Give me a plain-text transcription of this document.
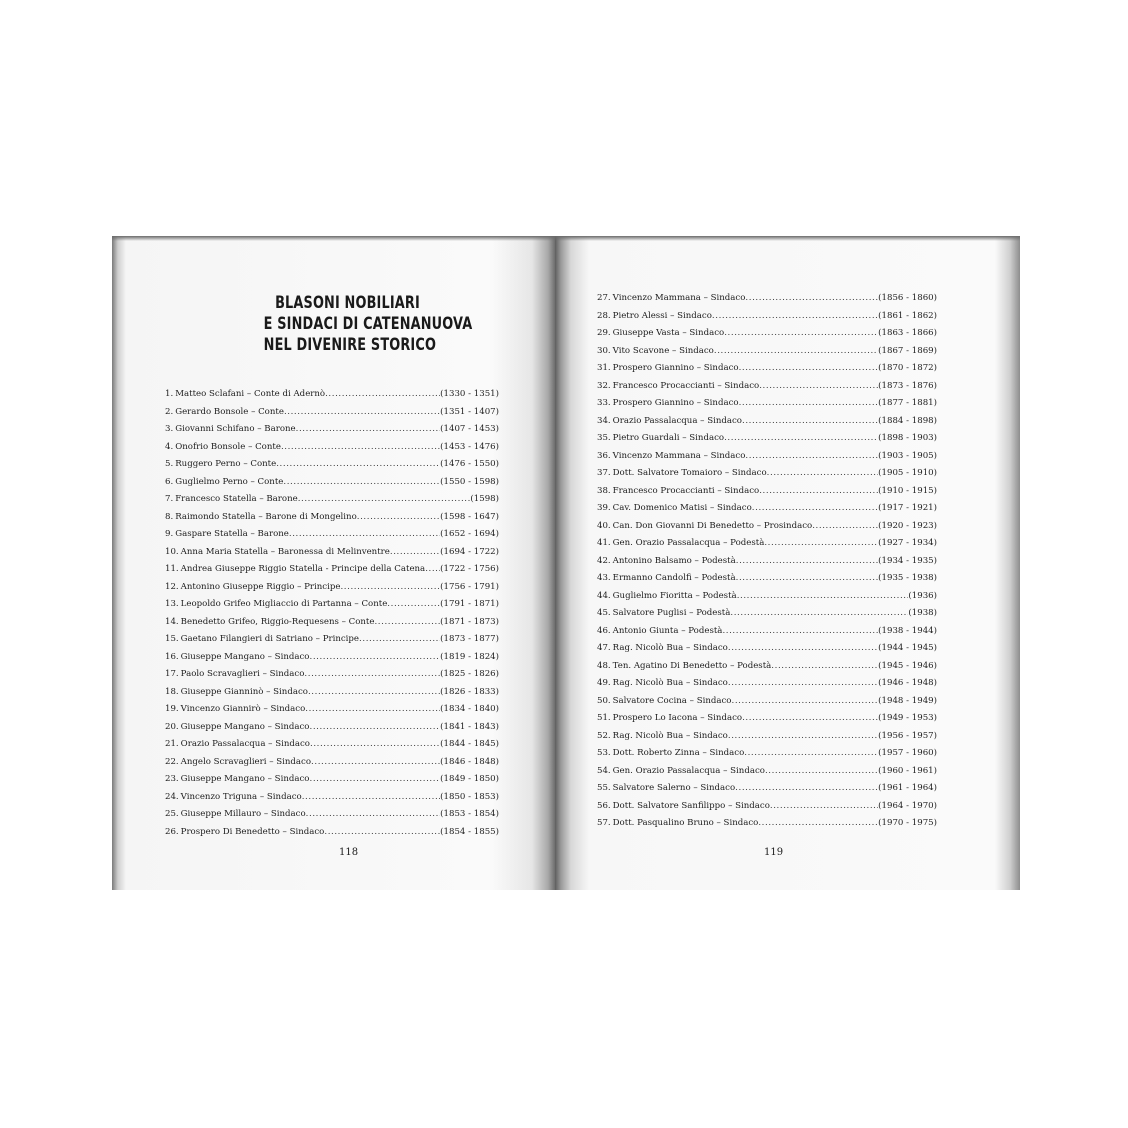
BLASONI NOBILIARI
E SINDACI DI CATENANUOVA
NEL DIVENIRE STORICO
1. Matteo Sclafani – Conte di Adernò .....	(1330 - 1351)
2. Gerardo Bonsole – Conte .....	(1351 - 1407)
3. Giovanni Schifano – Barone .....	(1407 - 1453)
4. Onofrio Bonsole – Conte .....	(1453 - 1476)
5. Ruggero Perno – Conte .....	(1476 - 1550)
6. Guglielmo Perno – Conte .....	(1550 - 1598)
7. Francesco Statella – Barone .....	(1598)
8. Raimondo Statella – Barone di Mongelino .....	(1598 - 1647)
9. Gaspare Statella – Barone .....	(1652 - 1694)
10. Anna Maria Statella – Baronessa di Melinventre .....	(1694 - 1722)
11. Andrea Giuseppe Riggio Statella - Principe della Catena ..... (1722 - 1756)
12. Antonino Giuseppe Riggio – Principe .....	(1756 - 1791)
13. Leopoldo Grifeo Migliaccio di Partanna – Conte .....	(1791 - 1871)
14. Benedetto Grifeo, Riggio-Requesens – Conte .....	(1871 - 1873)
15. Gaetano Filangieri di Satriano – Principe .....	(1873 - 1877)
16. Giuseppe Mangano – Sindaco .....	(1819 - 1824)
17. Paolo Scravaglieri – Sindaco .....	(1825 - 1826)
18. Giuseppe Gianninò – Sindaco .....	(1826 - 1833)
19. Vincenzo Giannirò – Sindaco .....	(1834 - 1840)
20. Giuseppe Mangano – Sindaco .....	(1841 - 1843)
21. Orazio Passalacqua – Sindaco .....	(1844 - 1845)
22. Angelo Scravaglieri – Sindaco .....	(1846 - 1848)
23. Giuseppe Mangano – Sindaco .....	(1849 - 1850)
24. Vincenzo Triguna – Sindaco .....	(1850 - 1853)
25. Giuseppe Millauro – Sindaco .....	(1853 - 1854)
26. Prospero Di Benedetto – Sindaco .....	(1854 - 1855)
27. Vincenzo Mammana – Sindaco .....	(1856 - 1860)
28. Pietro Alessi – Sindaco .....	(1861 - 1862)
29. Giuseppe Vasta – Sindaco .....	(1863 - 1866)
30. Vito Scavone – Sindaco .....	(1867 - 1869)
31. Prospero Giannino – Sindaco .....	(1870 - 1872)
32. Francesco Procaccianti – Sindaco .....	(1873 - 1876)
33. Prospero Giannino – Sindaco .....	(1877 - 1881)
34. Orazio Passalacqua – Sindaco .....	(1884 - 1898)
35. Pietro Guardali – Sindaco .....	(1898 - 1903)
36. Vincenzo Mammana – Sindaco .....	(1903 - 1905)
37. Dott. Salvatore Tomaioro – Sindaco .....	(1905 - 1910)
38. Francesco Procaccianti – Sindaco .....	(1910 - 1915)
39. Cav. Domenico Matisi – Sindaco .....	(1917 - 1921)
40. Can. Don Giovanni Di Benedetto – Prosindaco .....	(1920 - 1923)
41. Gen. Orazio Passalacqua – Podestà .....	(1927 - 1934)
42. Antonino Balsamo – Podestà .....	(1934 - 1935)
43. Ermanno Candolfi – Podestà .....	(1935 - 1938)
44. Guglielmo Fioritta – Podestà .....	(1936)
45. Salvatore Puglisi – Podestà .....	(1938)
46. Antonio Giunta – Podestà .....	(1938 - 1944)
47. Rag. Nicolò Bua – Sindaco .....	(1944 - 1945)
48. Ten. Agatino Di Benedetto – Podestà .....	(1945 - 1946)
49. Rag. Nicolò Bua – Sindaco .....	(1946 - 1948)
50. Salvatore Cocina – Sindaco .....	(1948 - 1949)
51. Prospero Lo Iacona – Sindaco .....	(1949 - 1953)
52. Rag. Nicolò Bua – Sindaco .....	(1956 - 1957)
53. Dott. Roberto Zinna – Sindaco .....	(1957 - 1960)
54. Gen. Orazio Passalacqua – Sindaco .....	(1960 - 1961)
55. Salvatore Salerno – Sindaco .....	(1961 - 1964)
56. Dott. Salvatore Sanfilippo – Sindaco .....	(1964 - 1970)
57. Dott. Pasqualino Bruno – Sindaco .....	(1970 - 1975)
118	119
